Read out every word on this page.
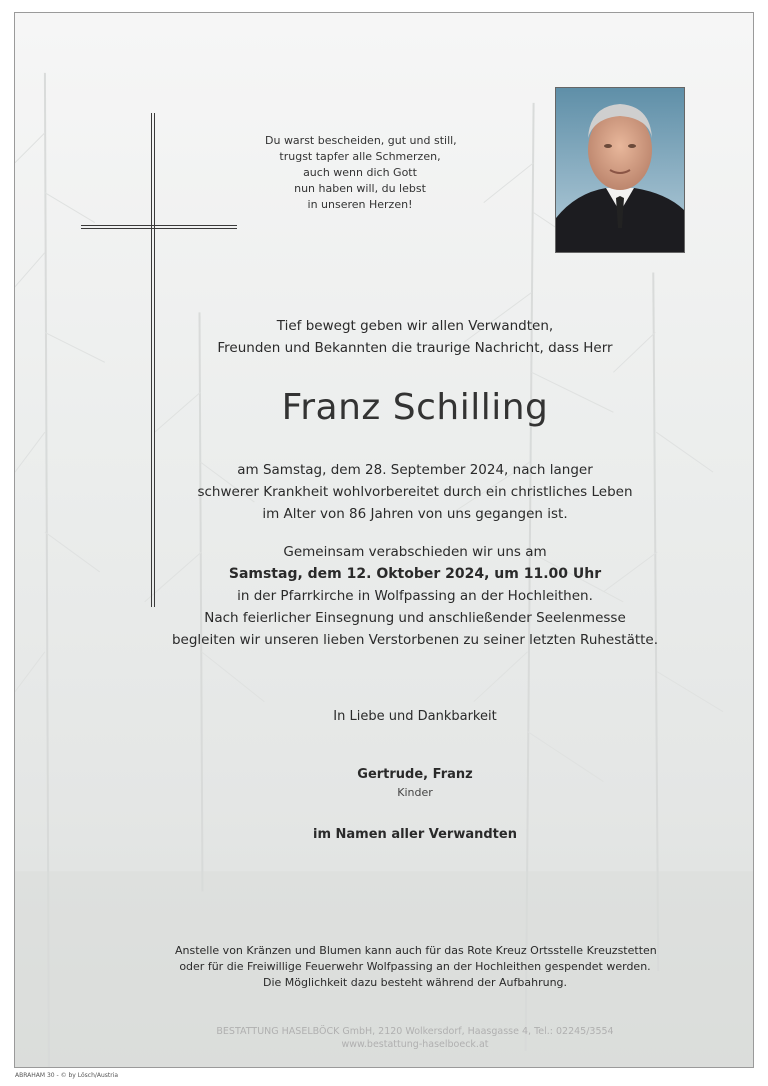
Du warst bescheiden, gut und still,
trugst tapfer alle Schmerzen,
auch wenn dich Gott
nun haben will, du lebst
in unseren Herzen!
Tief bewegt geben wir allen Verwandten,
Freunden und Bekannten die traurige Nachricht, dass Herr
Franz Schilling
am Samstag, dem 28. September 2024, nach langer
schwerer Krankheit wohlvorbereitet durch ein christliches Leben
im Alter von 86 Jahren von uns gegangen ist.
Gemeinsam verabschieden wir uns am
Samstag, dem 12. Oktober 2024, um 11.00 Uhr
in der Pfarrkirche in Wolfpassing an der Hochleithen.
Nach feierlicher Einsegnung und anschließender Seelenmesse
begleiten wir unseren lieben Verstorbenen zu seiner letzten Ruhestätte.
In Liebe und Dankbarkeit
Gertrude, Franz
Kinder
im Namen aller Verwandten
Anstelle von Kränzen und Blumen kann auch für das Rote Kreuz Ortsstelle Kreuzstetten
oder für die Freiwillige Feuerwehr Wolfpassing an der Hochleithen gespendet werden.
Die Möglichkeit dazu besteht während der Aufbahrung.
BESTATTUNG HASELBÖCK GmbH, 2120 Wolkersdorf, Haasgasse 4, Tel.: 02245/3554
www.bestattung-haselboeck.at
ABRAHAM 30 - © by Lösch/Austria
